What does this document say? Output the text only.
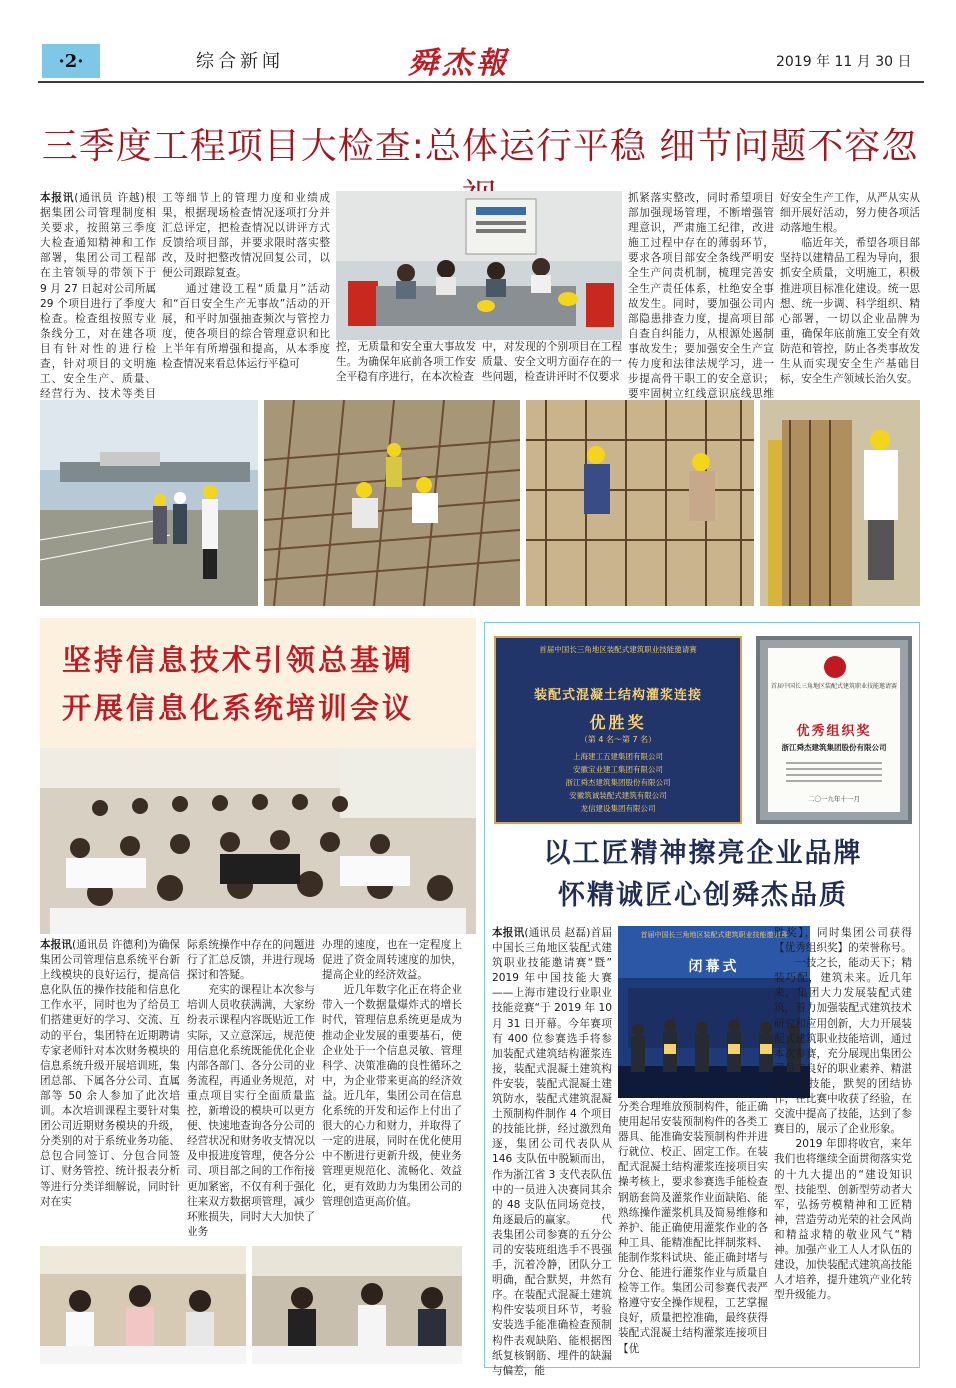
·2·	综合新闻	舜杰報	2019 年 11 月 30 日
三季度工程项目大检查:总体运行平稳 细节问题不容忽
本报讯(通讯员 许越)根据集团公司管理制度相关要求，按照第三季度大检查通知精神和工作部署，集团公司工程部在主管领导的带领下于 9 月 27 日起对公司所属 29 个项目进行了季度大检查。检查组按照专业条线分工，对在建各项目有针对性的进行检查，针对项目的文明施工、安全生产、质量、经营行为、技术等类目
工等细节上的管理力度和业绩成果，根据现场检查情况逐项打分并汇总评定，把检查情况以讲评方式反馈给项目部，并要求限时落实整改，及时把整改情况回复公司，以便公司跟踪复查。
　　通过建设工程“质量月”活动和“百日安全生产无事故”活动的开展，和平时加强抽查频次与管控力度，使各项目的综合管理意识和比上半年有所增强和提高，从本季度检查情况来看总体运行平稳可
控，无质量和安全重大事故发生。为确保年底前各项工作安全平稳有序进行，在本次检查
中，对发现的个别项目在工程质量、安全文明方面存在的一些问题，检查讲评时不仅要求
抓紧落实整改，同时希望项目部加强现场管理，不断增强管理意识，严肃施工纪律，改进施工过程中存在的薄弱环节，要求各项目部安全条线严明安全生产问责机制，梳理完善安全生产责任体系，杜绝安全事故发生。同时，要加强公司内部隐患排查力度，提高项目部自查自纠能力，从根源处遏制事故发生；要加强安全生产宣传力度和法律法规学习，进一步提高骨干职工的安全意识；要牢固树立红线意识底线思维
好安全生产工作，从严从实从细开展好活动，努力使各项活动落地生根。
　　临近年关，希望各项目部坚持以建精品工程为导向，狠抓安全质量，文明施工，积极推进项目标准化建设。统一思想、统一步调、科学组织、精心部署，一切以企业品牌为重，确保年底前施工安全有效防范和管控，防止各类事故发生从而实现安全生产基础目标，安全生产领域长治久安。
坚持信息技术引领总基调
开展信息化系统培训会议
本报讯(通讯员 许德利)为确保集团公司管理信息系统平台新上线模块的良好运行，提高信息化队伍的操作技能和信息化工作水平，同时也为了给员工们搭建更好的学习、交流、互动的平台，集团特在近期聘请专家老师针对本次财务模块的信息系统升级开展培训班，集团总部、下属各分公司、直属部等 50 余人参加了此次培训。本次培训课程主要针对集团公司近期财务模块的升级，分类别的对于系统业务功能、总包合同签订、分包合同签订、财务管控、统计报表分析等进行分类详细解说，同时针对在实
际系统操作中存在的问题进行了汇总反馈，并进行现场探讨和答疑。
　　充实的课程让本次参与培训人员收获满满，大家纷纷表示课程内容既贴近工作实际，又立意深远，规范使用信息化系统既能优化企业内部各部门、各分公司的业务流程，再通业务规范，对重点项目实行全面质量监控，新增设的模块可以更方便、快速地查询各分公司的经营状况和财务收支情况以及申报进度管理，使各分公司、项目部之间的工作衔接更加紧密，不仅有利于强化往来双方数据项管理，减少环账损失，同时大大加快了业务
办理的速度，也在一定程度上促进了资金周转速度的加快，提高企业的经济效益。
　　近几年数字化正在将企业带入一个数据量爆炸式的增长时代，管理信息系统更是成为推动企业发展的重要基石，使企业处于一个信息灵敏、管理科学、决策准确的良性循环之中，为企业带来更高的经济效益。近几年，集团公司在信息化系统的开发和运作上付出了很大的心力和财力，并取得了一定的进展，同时在优化使用中不断进行更新升级，使业务管理更规范化、流畅化、效益化，更有效助力为集团公司的管理创造更高价值。
首届中国长三角地区装配式建筑职业技能邀请赛
装配式混凝土结构灌浆连接
优胜奖
（第 4 名～第 7 名）
上海建工五建集团有限公司
安徽宝业建工集团有限公司
浙江舜杰建筑集团股份有限公司
安徽筑诚装配式建筑有限公司
龙信建设集团有限公司
首届中国长三角地区装配式建筑职业技能邀请赛
优秀组织奖
浙江舜杰建筑集团股份有限公司
二〇一九年十一月
以工匠精神擦亮企业品牌
怀精诚匠心创舜杰品质
首届中国长三角地区装配式建筑职业技能邀请赛
闭幕式
本报讯(通讯员 赵磊)首届中国长三角地区装配式建筑职业技能邀请赛“暨” 2019 年中国技能大赛——上海市建设行业职业技能竞赛“于 2019 年 10 月 31 日开幕。今年赛项有 400 位参赛选手将参加装配式建筑结构灌浆连接，装配式混凝土建筑构件安装，装配式混凝土建筑防水，装配式建筑混凝土预制构件制作 4 个项目的技能比拼，经过激烈角逐，集团公司代表队从 146 支队伍中脱颖而出，作为浙江省 3 支代表队伍中的一员进入决赛同其余的 48 支队伍同场竞技，角逐最后的赢家。 　　代表集团公司参赛的五分公司的安装班组选手不畏强手，沉着冷静，团队分工明确，配合默契，井然有序。在装配式混凝土建筑构件安装项目环节，考验安装选手能准确检查预制构件表观缺陷、能根据图纸复核钢筋、埋件的缺漏与偏差，能
分类合理堆放预制构件，能正确使用起吊安装预制构件的各类工器具、能准确安装预制构件并进行就位、校正、固定工作。在装配式混凝土结构灌浆连接项目实操考核上，要求参赛选手能检查钢筋套筒及灌浆作业面缺陷、能熟练操作灌浆机具及简易维修和养护、能正确使用灌浆作业的各种工具、能精准配比拌制浆料、能制作浆料试块、能正确封堵与分仓、能进行灌浆作业与质量自检等工作。集团公司参赛代表严格遵守安全操作规程，工艺掌握良好，质量把控准确，最终获得装配式混凝土结构灌浆连接项目【优
胜奖】，同时集团公司获得【优秀组织奖】的荣誉称号。
　　一技之长，能动天下；精装巧配，建筑未来。近几年来，集团大力发展装配式建筑，着力加强装配式建筑技术研究和应用创新，大力开展装配式建筑职业技能培训，通过本次参赛，充分展现出集团公司员工良好的职业素养、精湛的技术技能，默契的团结协作，在比赛中收获了经验，在交流中提高了技能，达到了参赛目的，展示了企业形象。
　　2019 年即将收官，来年我们也将继续全面贯彻落实党的十九大提出的“建设知识型、技能型、创新型劳动者大军，弘扬劳模精神和工匠精神，营造劳动光荣的社会风尚和精益求精的敬业风气“精神。加强产业工人人才队伍的建设，加快装配式建筑高技能人才培养，提升建筑产业化转型升级能力。
